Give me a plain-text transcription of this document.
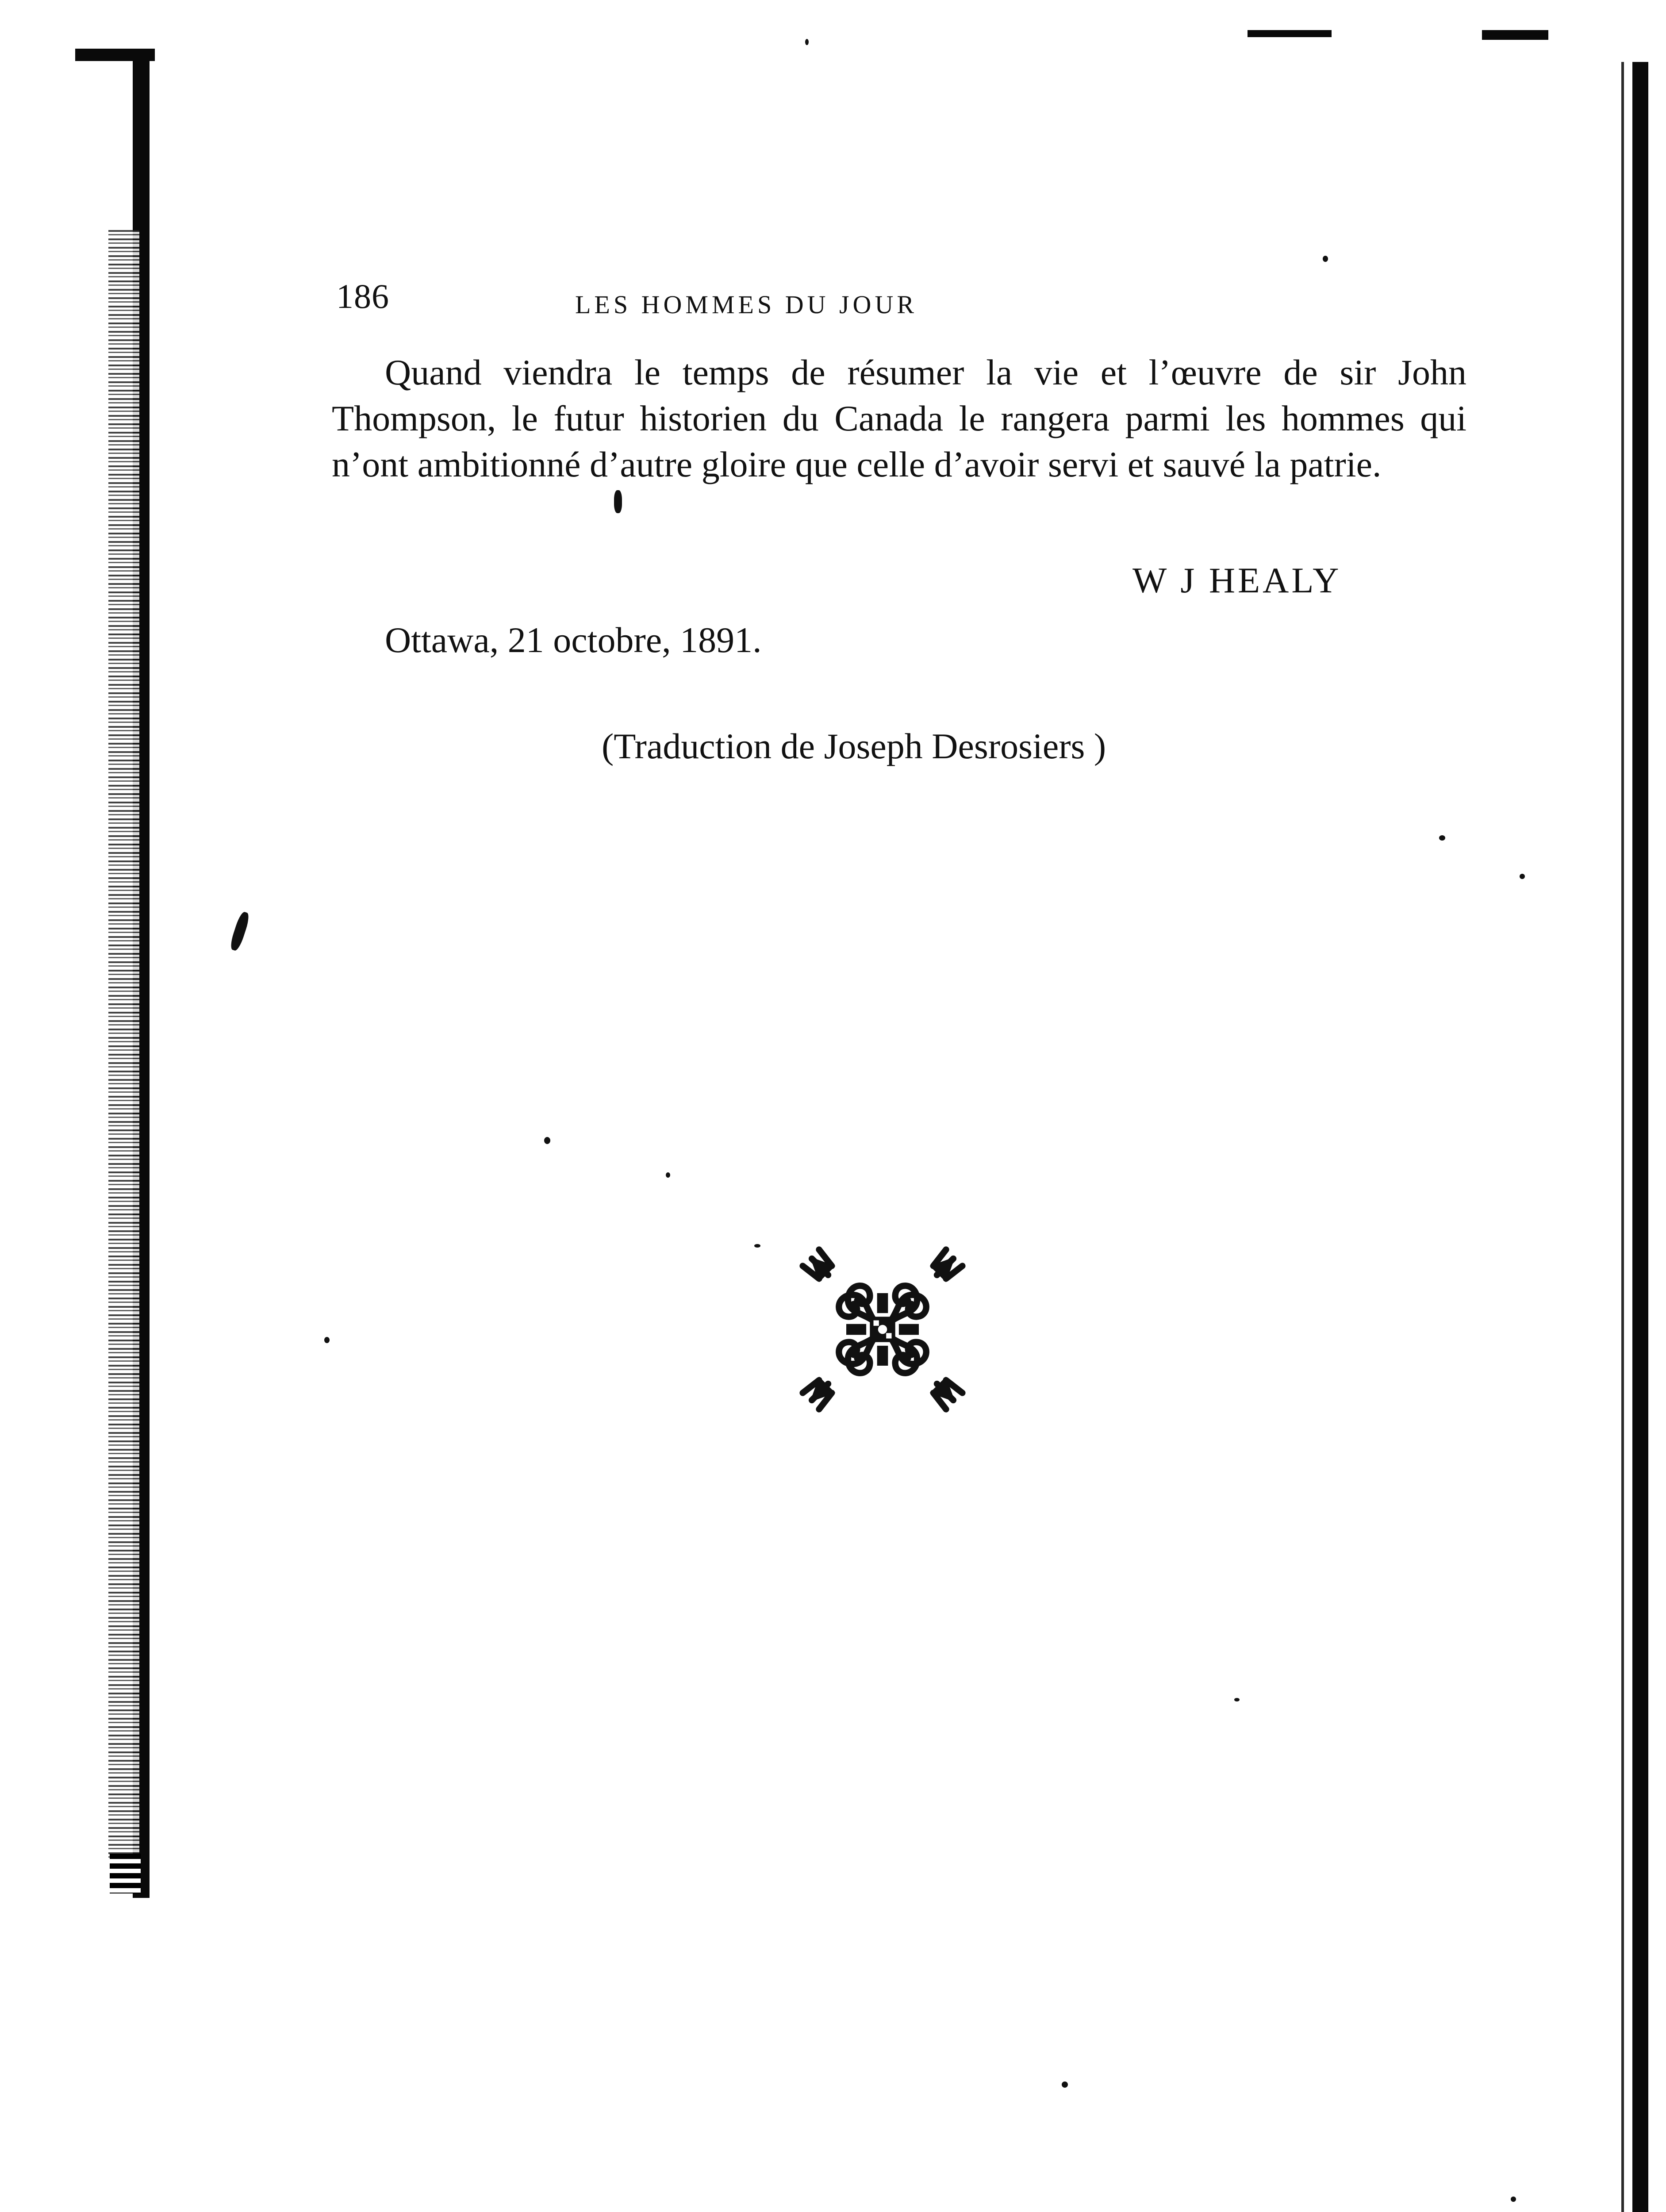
186	LES HOMMES DU JOUR

Quand viendra le temps de résumer la vie et l’œuvre de sir John Thompson, le futur historien du Canada le rangera parmi les hommes qui n’ont ambitionné d’autre gloire que celle d’avoir servi et sauvé la patrie.

W J HEALY
Ottawa, 21 octobre, 1891.
(Traduction de Joseph Desrosiers )
